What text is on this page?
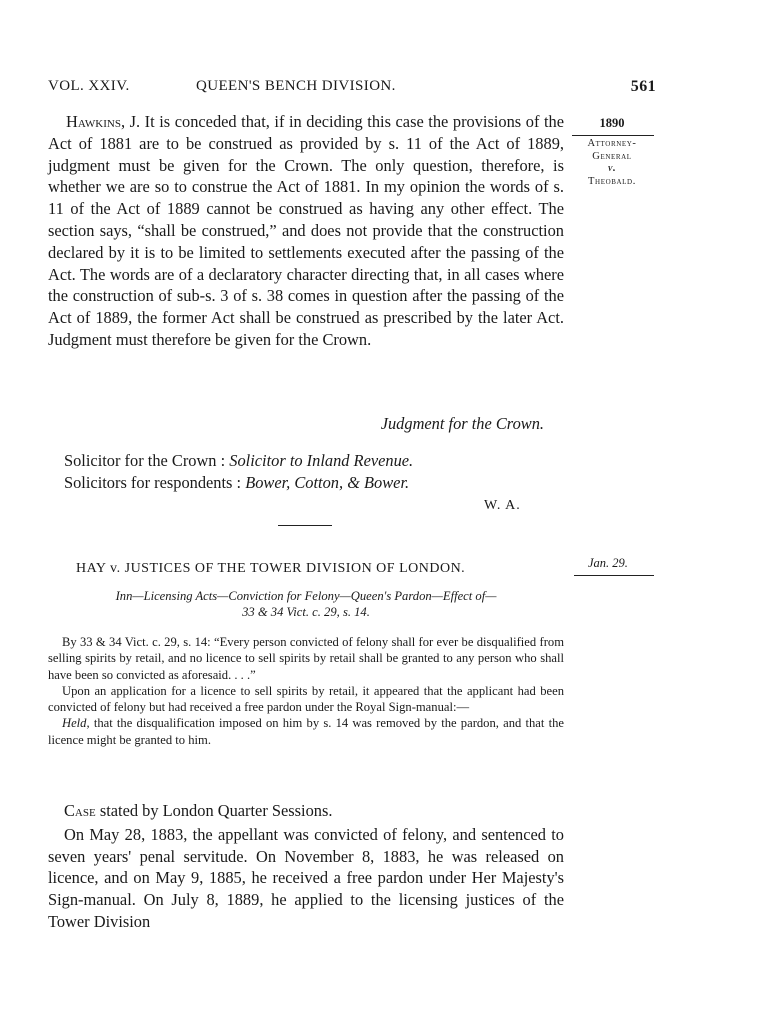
VOL. XXIV.	QUEEN'S BENCH DIVISION.	561
1890
Attorney-
General
v.
Theobald.

Hawkins, J. It is conceded that, if in deciding this case the provisions of the Act of 1881 are to be construed as provided by s. 11 of the Act of 1889, judgment must be given for the Crown. The only question, therefore, is whether we are so to construe the Act of 1881. In my opinion the words of s. 11 of the Act of 1889 cannot be construed as having any other effect. The section says, “shall be construed,” and does not provide that the construction declared by it is to be limited to settlements executed after the passing of the Act. The words are of a declaratory character directing that, in all cases where the construction of sub-s. 3 of s. 38 comes in question after the passing of the Act of 1889, the former Act shall be construed as prescribed by the later Act. Judgment must therefore be given for the Crown.

Judgment for the Crown.
Solicitor for the Crown : Solicitor to Inland Revenue.
Solicitors for respondents : Bower, Cotton, & Bower.
W. A.
HAY v. JUSTICES OF THE TOWER DIVISION OF LONDON.	Jan. 29.
Inn—Licensing Acts—Conviction for Felony—Queen's Pardon—Effect of—
33 & 34 Vict. c. 29, s. 14.

By 33 & 34 Vict. c. 29, s. 14: “Every person convicted of felony shall for ever be disqualified from selling spirits by retail, and no licence to sell spirits by retail shall be granted to any person who shall have been so convicted as aforesaid. . . .”

Upon an application for a licence to sell spirits by retail, it appeared that the applicant had been convicted of felony but had received a free pardon under the Royal Sign-manual:—

Held, that the disqualification imposed on him by s. 14 was removed by the pardon, and that the licence might be granted to him.

Case stated by London Quarter Sessions.

On May 28, 1883, the appellant was convicted of felony, and sentenced to seven years' penal servitude. On November 8, 1883, he was released on licence, and on May 9, 1885, he received a free pardon under Her Majesty's Sign-manual. On July 8, 1889, he applied to the licensing justices of the Tower Division
